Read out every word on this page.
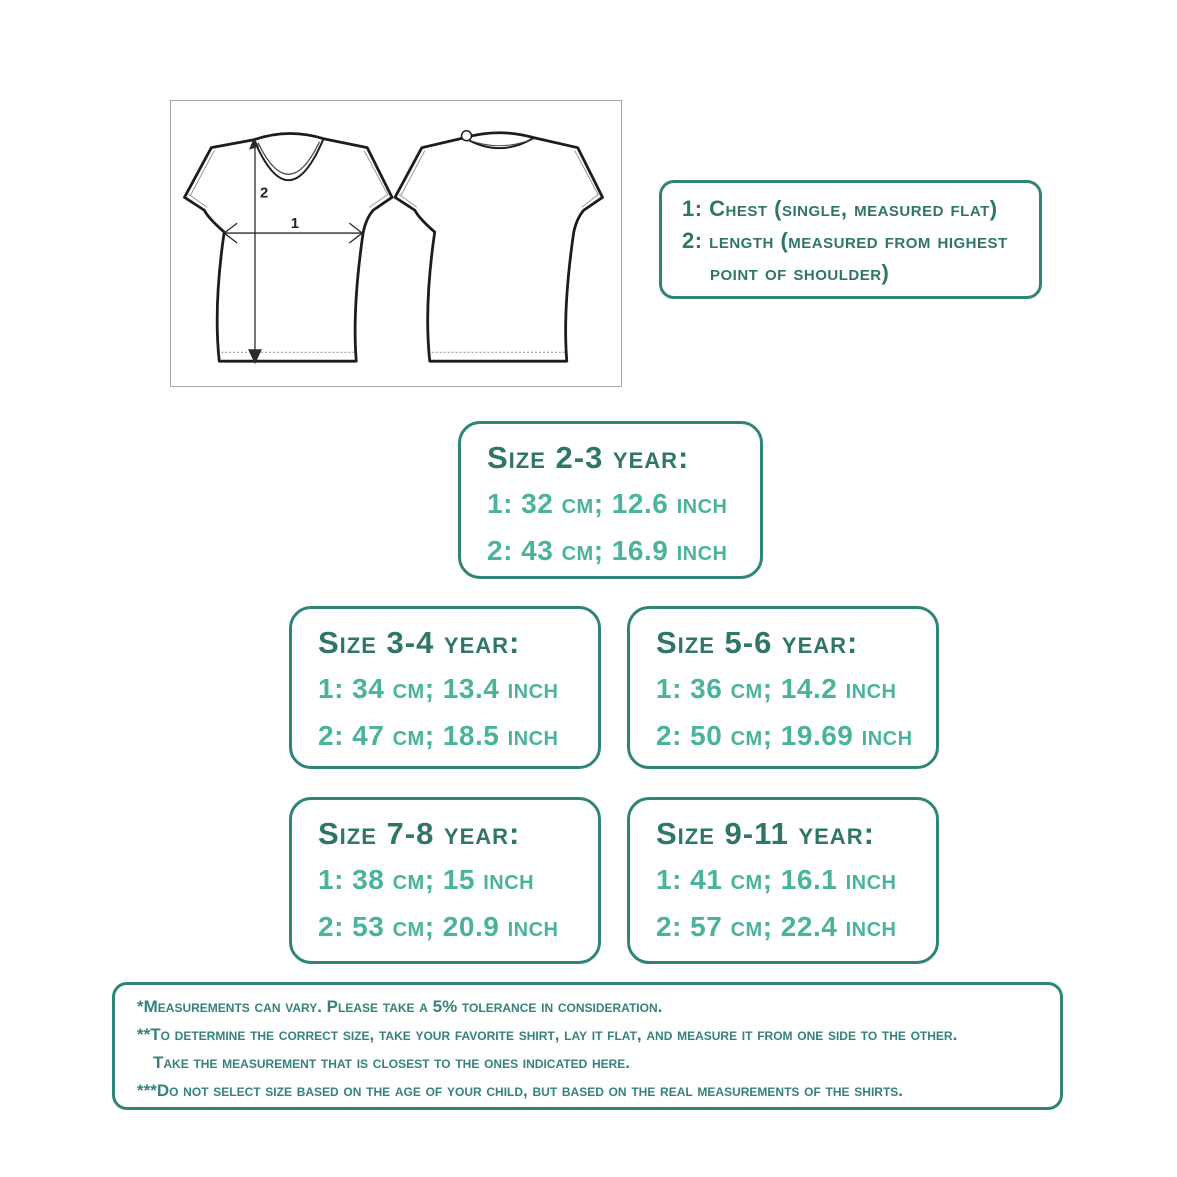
2
1
1: Chest (single, measured flat)
2: length (measured from highest
point of shoulder)
Size 2-3 year:
1: 32 cm; 12.6 inch
2: 43 cm; 16.9 inch
Size 3-4 year:
1: 34 cm; 13.4 inch
2: 47 cm; 18.5 inch
Size 5-6 year:
1: 36 cm; 14.2 inch
2: 50 cm; 19.69 inch
Size 7-8 year:
1: 38 cm; 15 inch
2: 53 cm; 20.9 inch
Size 9-11 year:
1: 41 cm; 16.1 inch
2: 57 cm; 22.4 inch
*Measurements can vary. Please take a 5% tolerance in consideration.
**To determine the correct size, take your favorite shirt, lay it flat, and measure it from one side to the other.
Take the measurement that is closest to the ones indicated here.
***Do not select size based on the age of your child, but based on the real measurements of the shirts.
